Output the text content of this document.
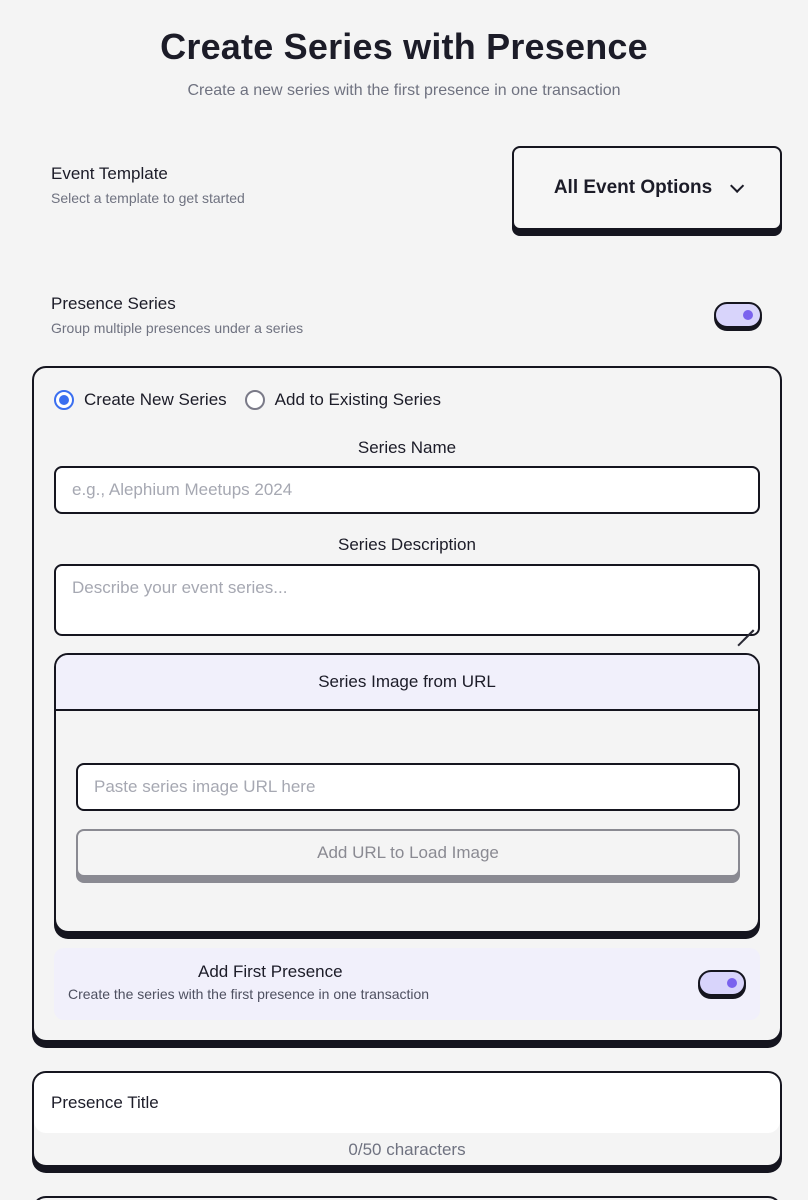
Create Series with Presence
Create a new series with the first presence in one transaction
Event Template
Select a template to get started	All Event Options
Presence Series
Group multiple presences under a series
Create New Series	Add to Existing Series
Series Name
e.g., Alephium Meetups 2024
Series Description
Describe your event series...
Series Image from URL
Paste series image URL here
Add URL to Load Image
Add First Presence
Create the series with the first presence in one transaction
Presence Title
0/50 characters
